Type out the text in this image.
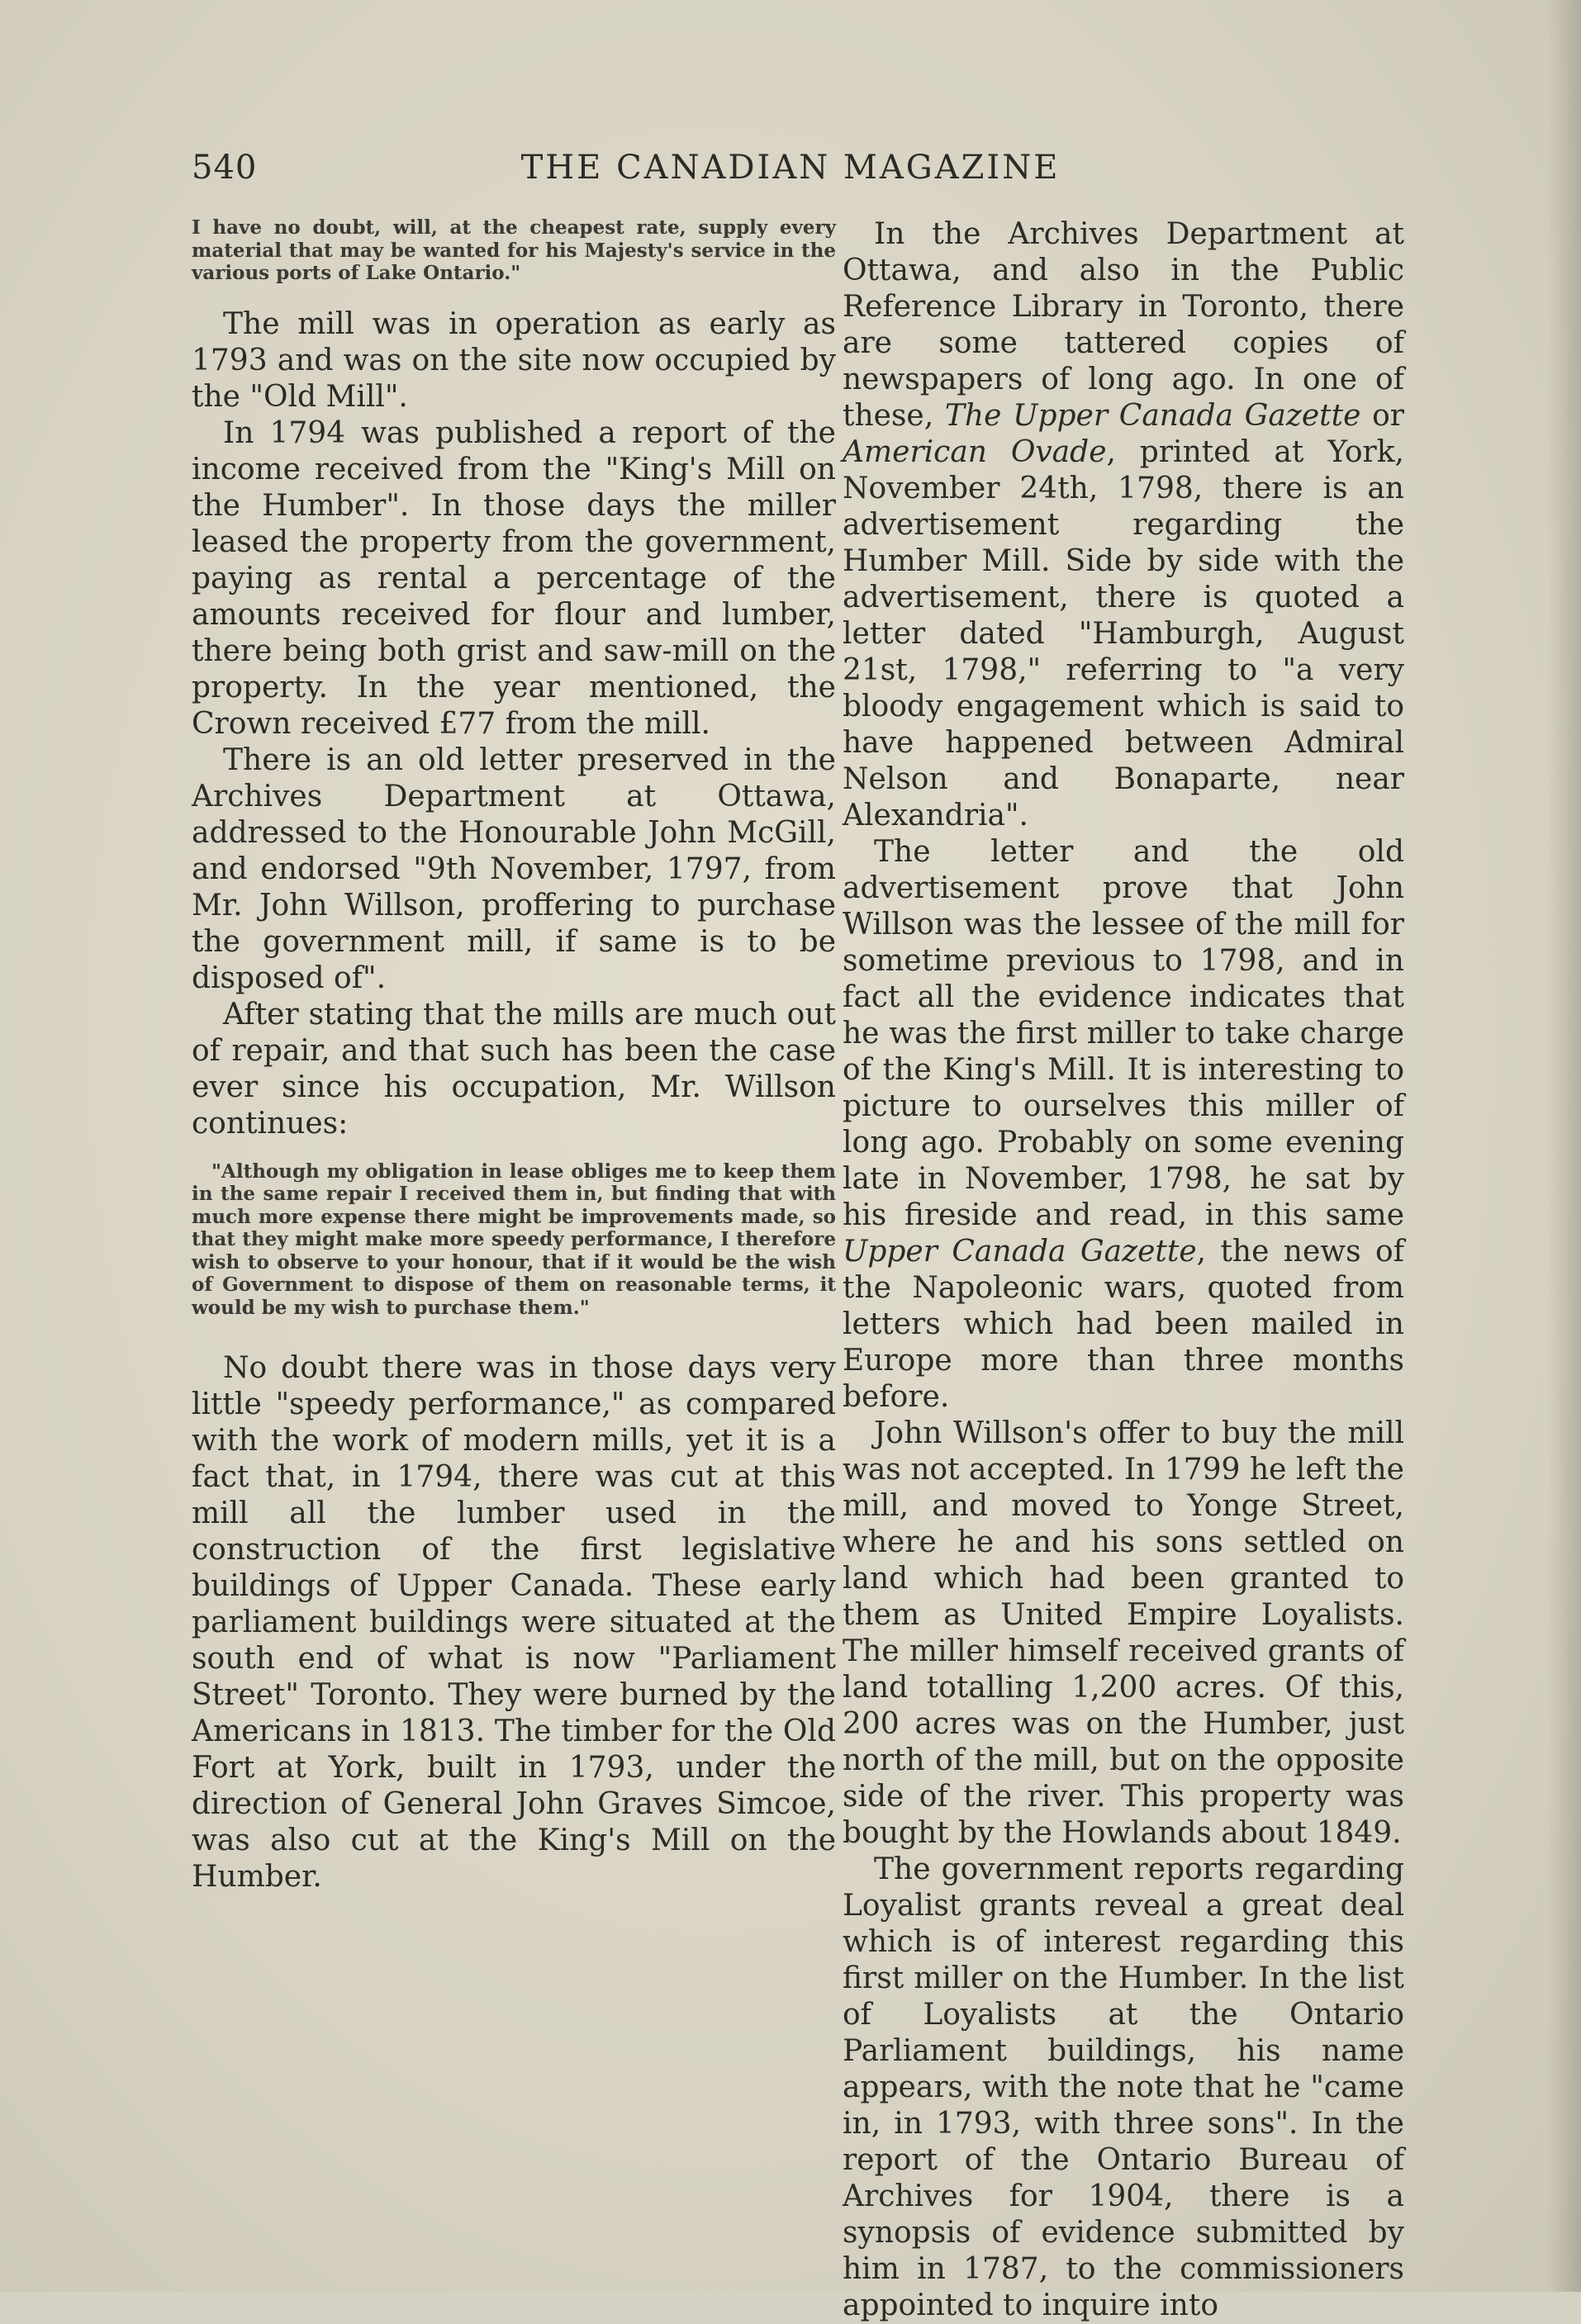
540	THE CANADIAN MAGAZINE

I have no doubt, will, at the cheapest rate, supply every material that may be wanted for his Majesty's service in the various ports of Lake Ontario."

The mill was in operation as early as 1793 and was on the site now occupied by the "Old Mill".

In 1794 was published a report of the income received from the "King's Mill on the Humber". In those days the miller leased the property from the government, paying as rental a percentage of the amounts received for flour and lumber, there being both grist and saw-mill on the property. In the year mentioned, the Crown received £77 from the mill.

There is an old letter preserved in the Archives Department at Ottawa, addressed to the Honourable John McGill, and endorsed "9th November, 1797, from Mr. John Willson, proffering to purchase the government mill, if same is to be disposed of".

After stating that the mills are much out of repair, and that such has been the case ever since his occupation, Mr. Willson continues:

"Although my obligation in lease obliges me to keep them in the same repair I received them in, but finding that with much more expense there might be improvements made, so that they might make more speedy performance, I therefore wish to observe to your honour, that if it would be the wish of Government to dispose of them on reasonable terms, it would be my wish to purchase them."

No doubt there was in those days very little "speedy performance," as compared with the work of modern mills, yet it is a fact that, in 1794, there was cut at this mill all the lumber used in the construction of the first legislative buildings of Upper Canada. These early parliament buildings were situated at the south end of what is now "Parliament Street" Toronto. They were burned by the Americans in 1813. The timber for the Old Fort at York, built in 1793, under the direction of General John Graves Simcoe, was also cut at the King's Mill on the Humber.

In the Archives Department at Ottawa, and also in the Public Reference Library in Toronto, there are some tattered copies of newspapers of long ago. In one of these, The Upper Canada Gazette or American Ovade, printed at York, November 24th, 1798, there is an advertisement regarding the Humber Mill. Side by side with the advertisement, there is quoted a letter dated "Hamburgh, August 21st, 1798," referring to "a very bloody engagement which is said to have happened between Admiral Nelson and Bonaparte, near Alexandria".

The letter and the old advertisement prove that John Willson was the lessee of the mill for sometime previous to 1798, and in fact all the evidence indicates that he was the first miller to take charge of the King's Mill. It is interesting to picture to ourselves this miller of long ago. Probably on some evening late in November, 1798, he sat by his fireside and read, in this same Upper Canada Gazette, the news of the Napoleonic wars, quoted from letters which had been mailed in Europe more than three months before.

John Willson's offer to buy the mill was not accepted. In 1799 he left the mill, and moved to Yonge Street, where he and his sons settled on land which had been granted to them as United Empire Loyalists. The miller himself received grants of land totalling 1,200 acres. Of this, 200 acres was on the Humber, just north of the mill, but on the opposite side of the river. This property was bought by the Howlands about 1849.

The government reports regarding Loyalist grants reveal a great deal which is of interest regarding this first miller on the Humber. In the list of Loyalists at the Ontario Parliament buildings, his name appears, with the note that he "came in, in 1793, with three sons". In the report of the Ontario Bureau of Archives for 1904, there is a synopsis of evidence submitted by him in 1787, to the commissioners appointed to inquire into
